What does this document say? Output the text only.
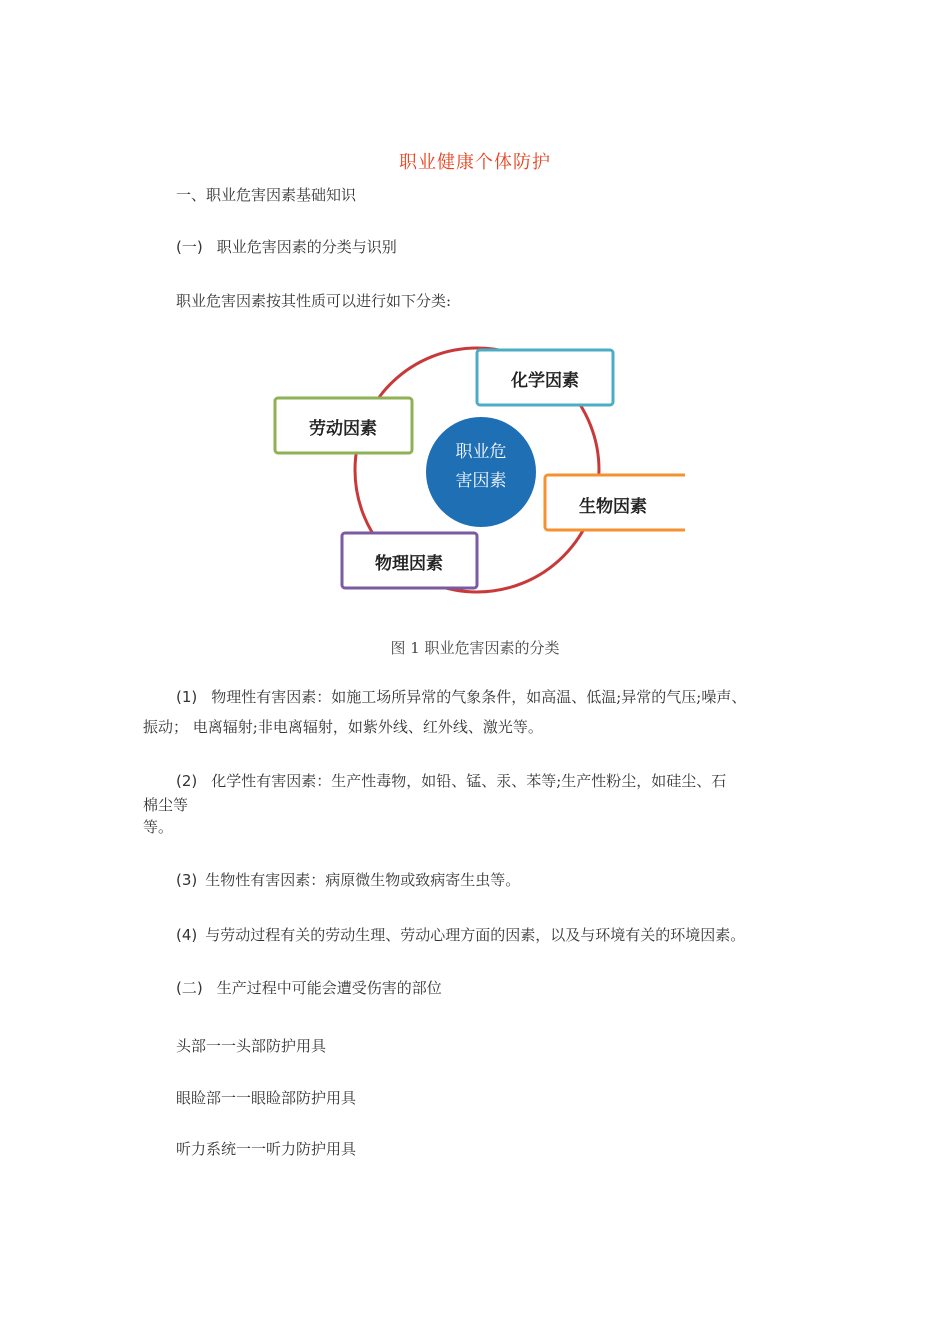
职业健康个体防护
一、职业危害因素基础知识
(一) 职业危害因素的分类与识别
职业危害因素按其性质可以进行如下分类:
职业危
害因素
化学因素
劳动因素
生物因素
物理因素
图 1 职业危害因素的分类
(1) 物理性有害因素：如施工场所异常的气象条件，如高温、低温;异常的气压;噪声、
振动； 电离辐射;非电离辐射，如紫外线、红外线、激光等。
(2) 化学性有害因素：生产性毒物，如铅、锰、汞、苯等;生产性粉尘，如硅尘、石
棉尘等
等。
(3) 生物性有害因素：病原微生物或致病寄生虫等。
(4) 与劳动过程有关的劳动生理、劳动心理方面的因素，以及与环境有关的环境因素。
(二) 生产过程中可能会遭受伤害的部位
头部一一头部防护用具
眼睑部一一眼睑部防护用具
听力系统一一听力防护用具
